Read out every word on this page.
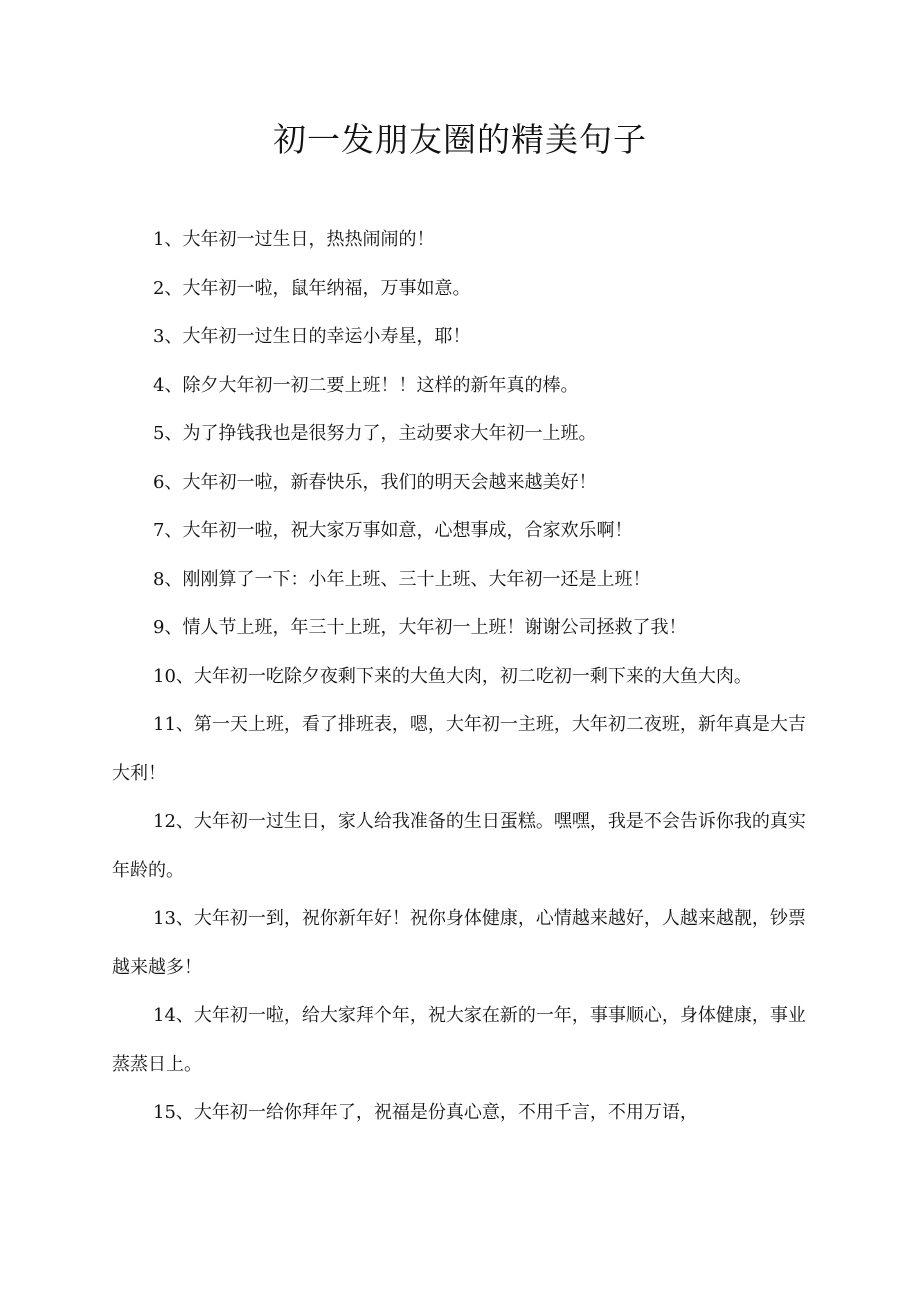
初一发朋友圈的精美句子

1、大年初一过生日，热热闹闹的！

2、大年初一啦，鼠年纳福，万事如意。

3、大年初一过生日的幸运小寿星，耶！

4、除夕大年初一初二要上班！！这样的新年真的棒。

5、为了挣钱我也是很努力了，主动要求大年初一上班。

6、大年初一啦，新春快乐，我们的明天会越来越美好！

7、大年初一啦，祝大家万事如意，心想事成，合家欢乐啊！

8、刚刚算了一下：小年上班、三十上班、大年初一还是上班！

9、情人节上班，年三十上班，大年初一上班！谢谢公司拯救了我！

10、大年初一吃除夕夜剩下来的大鱼大肉，初二吃初一剩下来的大鱼大肉。

11、第一天上班，看了排班表，嗯，大年初一主班，大年初二夜班，新年真是大吉大利！

12、大年初一过生日，家人给我准备的生日蛋糕。嘿嘿，我是不会告诉你我的真实年龄的。

13、大年初一到，祝你新年好！祝你身体健康，心情越来越好，人越来越靓，钞票越来越多！

14、大年初一啦，给大家拜个年，祝大家在新的一年，事事顺心，身体健康，事业蒸蒸日上。

15、大年初一给你拜年了，祝福是份真心意，不用千言，不用万语，
